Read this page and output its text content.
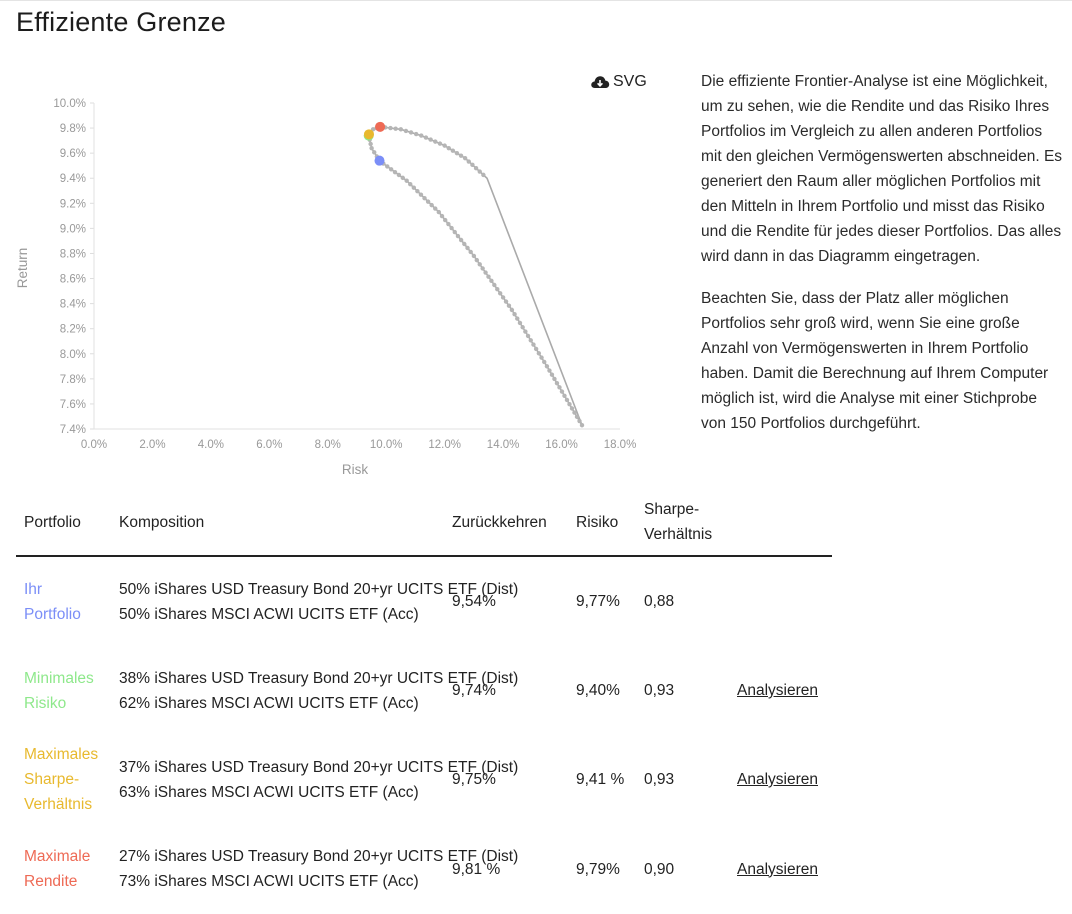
Effiziente Grenze
7.4%
7.6%
7.8%
8.0%
8.2%
8.4%
8.6%
8.8%
9.0%
9.2%
9.4%
9.6%
9.8%
10.0%
0.0%	2.0%	4.0%	6.0%	8.0%	10.0% 12.0% 14.0% 16.0% 18.0%
Risk
Return
SVG	Die effiziente Frontier-Analyse ist eine Möglichkeit, um zu sehen, wie die Rendite und das Risiko Ihres Portfolios im Vergleich zu allen anderen Portfolios mit den gleichen Vermögenswerten abschneiden. Es generiert den Raum aller möglichen Portfolios mit den Mitteln in Ihrem Portfolio und misst das Risiko und die Rendite für jedes dieser Portfolios. Das alles wird dann in das Diagramm eingetragen.

Beachten Sie, dass der Platz aller möglichen Portfolios sehr groß wird, wenn Sie eine große Anzahl von Vermögenswerten in Ihrem Portfolio haben. Damit die Berechnung auf Ihrem Computer möglich ist, wird die Analyse mit einer Stichprobe von 150 Portfolios durchgeführt.

Portfolio	Komposition	Zurückkehren	Risiko	Sharpe-Verhältnis	
Ihr Portfolio	50% iShares USD Treasury Bond 20+yr UCITS ETF (Dist)
50% iShares MSCI ACWI UCITS ETF (Acc)	9,54%	9,77%	0,88	
Minimales Risiko	38% iShares USD Treasury Bond 20+yr UCITS ETF (Dist)
62% iShares MSCI ACWI UCITS ETF (Acc)	9,74%	9,40%	0,93	Analysieren
Maximales Sharpe-Verhältnis	37% iShares USD Treasury Bond 20+yr UCITS ETF (Dist)
63% iShares MSCI ACWI UCITS ETF (Acc)	9,75%	9,41 %	0,93	Analysieren
Maximale Rendite	27% iShares USD Treasury Bond 20+yr UCITS ETF (Dist)
73% iShares MSCI ACWI UCITS ETF (Acc)	9,81 %	9,79%	0,90	Analysieren
